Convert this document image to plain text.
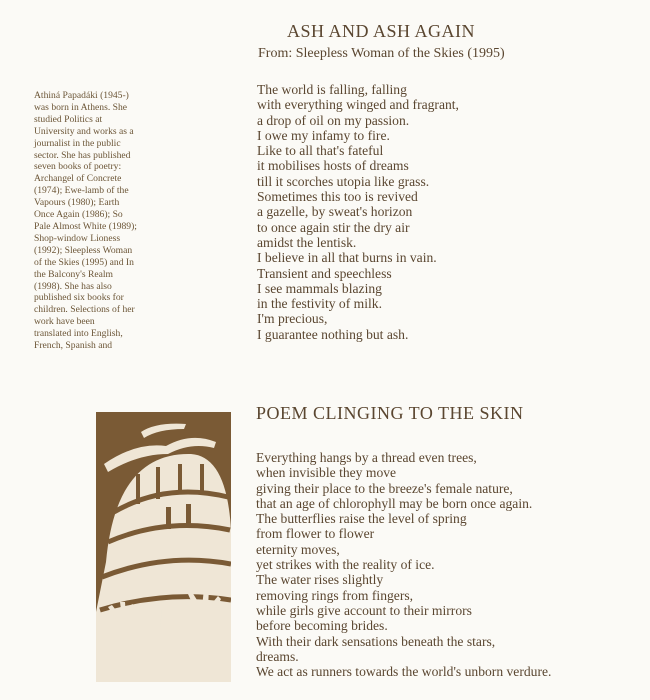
ASH AND ASH AGAIN
From: Sleepless Woman of the Skies (1995)
The world is falling, falling
with everything winged and fragrant,
a drop of oil on my passion.
I owe my infamy to fire.
Like to all that's fateful
it mobilises hosts of dreams
till it scorches utopia like grass.
Sometimes this too is revived
a gazelle, by sweat's horizon
to once again stir the dry air
amidst the lentisk.
I believe in all that burns in vain.
Transient and speechless
I see mammals blazing
in the festivity of milk.
I'm precious,
I guarantee nothing but ash.

Athiná Papadáki (1945-)
was born in Athens. She
studied Politics at
University and works as a
journalist in the public
sector. She has published
seven books of poetry:
Archangel of Concrete
(1974); Ewe-lamb of the
Vapours (1980); Earth
Once Again (1986); So
Pale Almost White (1989);
Shop-window Lioness
(1992); Sleepless Woman
of the Skies (1995) and In
the Balcony's Realm
(1998). She has also
published six books for
children. Selections of her
work have been
translated into English,
French, Spanish and

POEM CLINGING TO THE SKIN
Everything hangs by a thread even trees,
when invisible they move
giving their place to the breeze's female nature,
that an age of chlorophyll may be born once again.
The butterflies raise the level of spring
from flower to flower
eternity moves,
yet strikes with the reality of ice.
The water rises slightly
removing rings from fingers,
while girls give account to their mirrors
before becoming brides.
With their dark sensations beneath the stars,
dreams.
We act as runners towards the world's unborn verdure.
